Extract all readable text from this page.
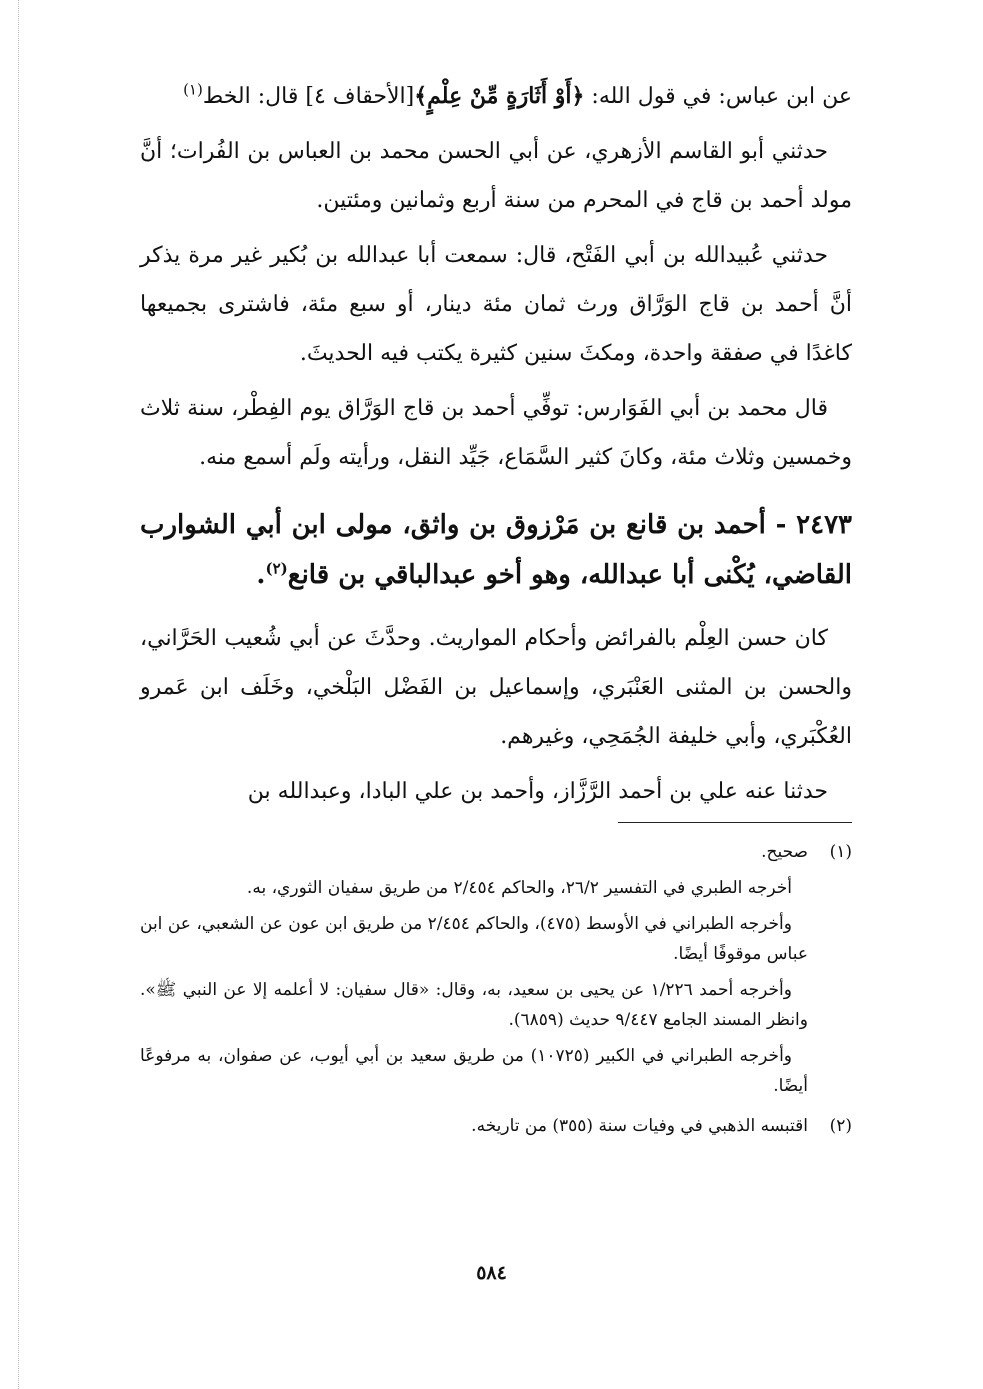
عن ابن عباس: في قول الله: ﴿أَوْ أَثَارَةٍ مِّنْ عِلْمٍ﴾[الأحقاف ٤] قال: الخط$^{(١)}$

حدثني أبو القاسم الأزهري، عن أبي الحسن محمد بن العباس بن الفُرات؛ أنَّ مولد أحمد بن قاج في المحرم من سنة أربع وثمانين ومئتين.

حدثني عُبيدالله بن أبي الفَتْح، قال: سمعت أبا عبدالله بن بُكير غير مرة يذكر أنَّ أحمد بن قاج الوَرَّاق ورث ثمان مئة دينار، أو سبع مئة، فاشترى بجميعها كاغدًا في صفقة واحدة، ومكثَ سنين كثيرة يكتب فيه الحديثَ.

قال محمد بن أبي الفَوَارس: توفِّي أحمد بن قاج الوَرَّاق يوم الفِطْر، سنة ثلاث وخمسين وثلاث مئة، وكانَ كثير السَّمَاع، جَيِّد النقل، ورأيته ولَم أسمع منه.

٢٤٧٣ - أحمد بن قانع بن مَرْزوق بن واثق، مولى ابن أبي الشوارب القاضي، يُكْنى أبا عبدالله، وهو أخو عبدالباقي بن قانع$^{(٢)}$.

كان حسن العِلْم بالفرائض وأحكام المواريث. وحدَّثَ عن أبي شُعيب الحَرَّاني، والحسن بن المثنى العَنْبَري، وإسماعيل بن الفَضْل البَلْخي، وخَلَف ابن عَمرو العُكْبَري، وأبي خليفة الجُمَحِي، وغيرهم.

حدثنا عنه علي بن أحمد الرَّزَّاز، وأحمد بن علي البادا، وعبدالله بن

(١)

صحيح.

أخرجه الطبري في التفسير ٢٦/٢، والحاكم ٢/٤٥٤ من طريق سفيان الثوري، به.

وأخرجه الطبراني في الأوسط (٤٧٥)، والحاكم ٢/٤٥٤ من طريق ابن عون عن الشعبي، عن ابن عباس موقوفًا أيضًا.

وأخرجه أحمد ١/٢٢٦ عن يحيى بن سعيد، به، وقال: «قال سفيان: لا أعلمه إلا عن النبي ﷺ». وانظر المسند الجامع ٩/٤٤٧ حديث (٦٨٥٩).

وأخرجه الطبراني في الكبير (١٠٧٢٥) من طريق سعيد بن أبي أيوب، عن صفوان، به مرفوعًا أيضًا.

(٢)

اقتبسه الذهبي في وفيات سنة (٣٥٥) من تاريخه.

٥٨٤
